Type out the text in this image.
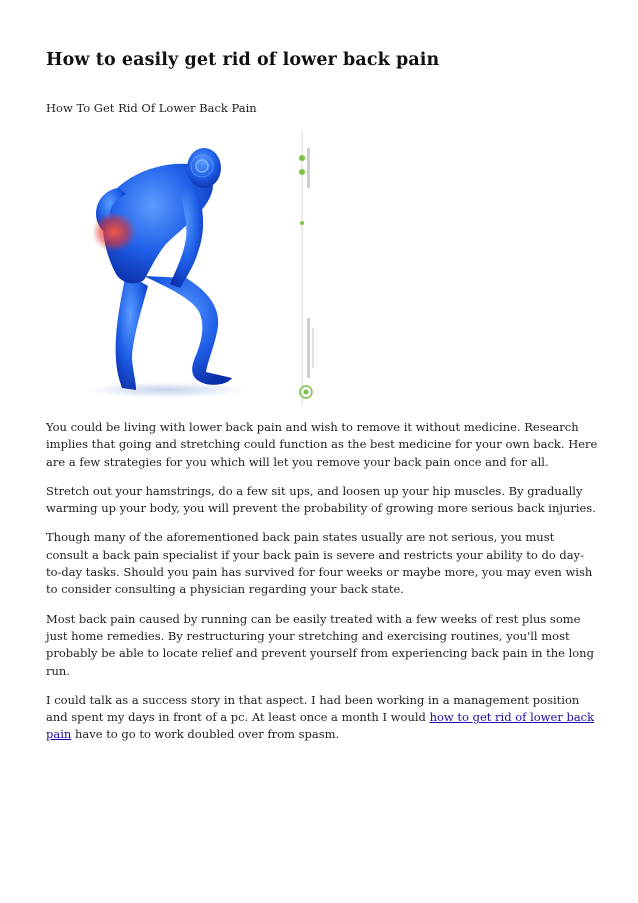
How to easily get rid of lower back pain
How To Get Rid Of Lower Back Pain

You could be living with lower back pain and wish to remove it without medicine. Research implies that going and stretching could function as the best medicine for your own back. Here are a few strategies for you which will let you remove your back pain once and for all.

Stretch out your hamstrings, do a few sit ups, and loosen up your hip muscles. By gradually warming up your body, you will prevent the probability of growing more serious back injuries.

Though many of the aforementioned back pain states usually are not serious, you must consult a back pain specialist if your back pain is severe and restricts your ability to do day-to-day tasks. Should you pain has survived for four weeks or maybe more, you may even wish to consider consulting a physician regarding your back state.

Most back pain caused by running can be easily treated with a few weeks of rest plus some just home remedies. By restructuring your stretching and exercising routines, you'll most probably be able to locate relief and prevent yourself from experiencing back pain in the long run.

I could talk as a success story in that aspect. I had been working in a management position and spent my days in front of a pc. At least once a month I would how to get rid of lower back pain have to go to work doubled over from spasm.
